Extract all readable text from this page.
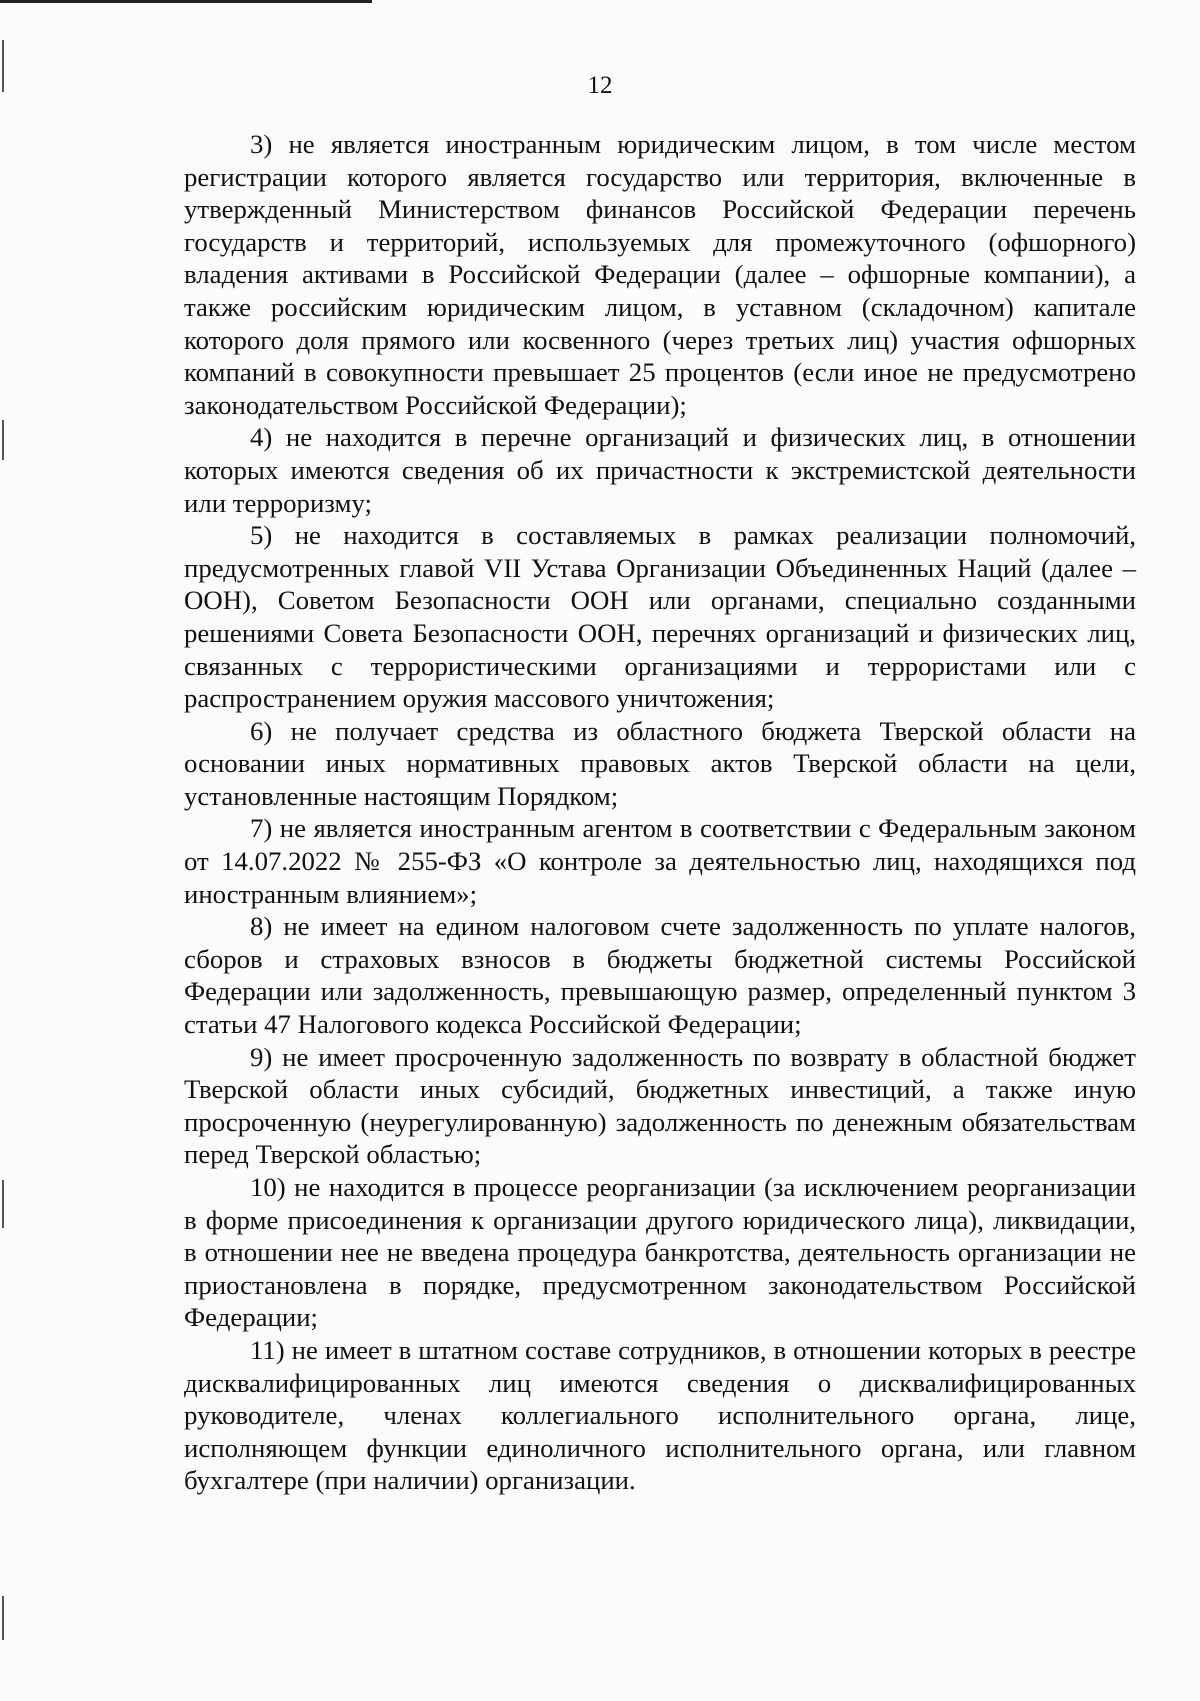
12

3) не является иностранным юридическим лицом, в том числе местом регистрации которого является государство или территория, включенные в утвержденный Министерством финансов Российской Федерации перечень государств и территорий, используемых для промежуточного (офшорного) владения активами в Российской Федерации (далее – офшорные компании), а также российским юридическим лицом, в уставном (складочном) капитале которого доля прямого или косвенного (через третьих лиц) участия офшорных компаний в совокупности превышает 25 процентов (если иное не предусмотрено законодательством Российской Федерации);

4) не находится в перечне организаций и физических лиц, в отношении которых имеются сведения об их причастности к экстремистской деятельности или терроризму;

5) не находится в составляемых в рамках реализации полномочий, предусмотренных главой VII Устава Организации Объединенных Наций (далее – ООН), Советом Безопасности ООН или органами, специально созданными решениями Совета Безопасности ООН, перечнях организаций и физических лиц, связанных с террористическими организациями и террористами или с распространением оружия массового уничтожения;

6) не получает средства из областного бюджета Тверской области на основании иных нормативных правовых актов Тверской области на цели, установленные настоящим Порядком;

7) не является иностранным агентом в соответствии с Федеральным законом от 14.07.2022 № 255-ФЗ «О контроле за деятельностью лиц, находящихся под иностранным влиянием»;

8) не имеет на едином налоговом счете задолженность по уплате налогов, сборов и страховых взносов в бюджеты бюджетной системы Российской Федерации или задолженность, превышающую размер, определенный пунктом 3 статьи 47 Налогового кодекса Российской Федерации;

9) не имеет просроченную задолженность по возврату в областной бюджет Тверской области иных субсидий, бюджетных инвестиций, а также иную просроченную (неурегулированную) задолженность по денежным обязательствам перед Тверской областью;

10) не находится в процессе реорганизации (за исключением реорганизации в форме присоединения к организации другого юридического лица), ликвидации, в отношении нее не введена процедура банкротства, деятельность организации не приостановлена в порядке, предусмотренном законодательством Российской Федерации;

11) не имеет в штатном составе сотрудников, в отношении которых в реестре дисквалифицированных лиц имеются сведения о дисквалифицированных руководителе, членах коллегиального исполнительного органа, лице, исполняющем функции единоличного исполнительного органа, или главном бухгалтере (при наличии) организации.
